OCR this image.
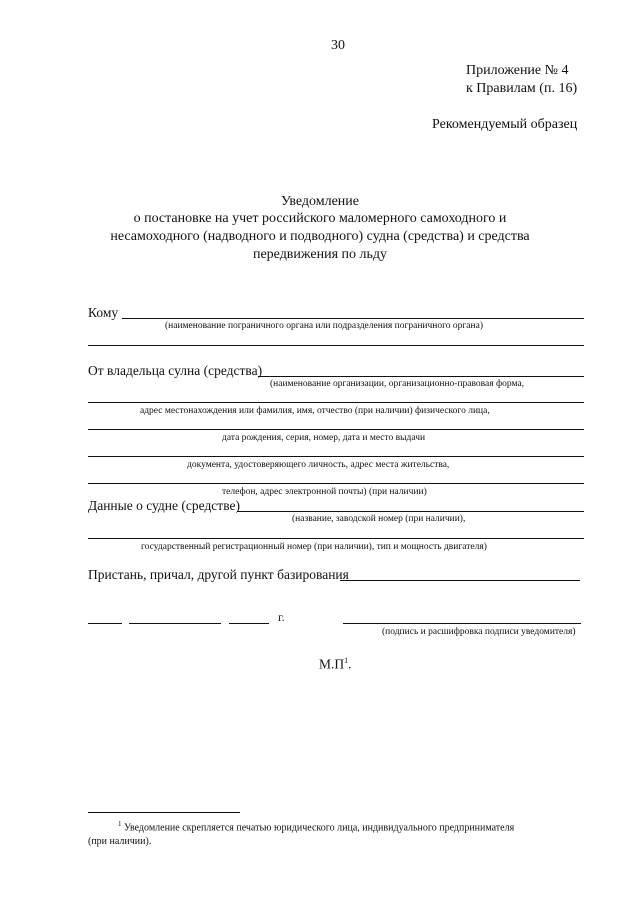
30
Приложение № 4
к Правилам (п. 16)
Рекомендуемый образец
Уведомление
о постановке на учет российского маломерного самоходного и
несамоходного (надводного и подводного) судна (средства) и средства
передвижения по льду
Кому
(наименование пограничного органа или подразделения пограничного органа)
От владельца сулна (средства)
(наименование организации, организационно-правовая форма,
адрес местонахождения или фамилия, имя, отчество (при наличии) физического лица,
дата рождения, серия, номер, дата и место выдачи
документа, удостоверяющего личность, адрес места жительства,
телефон, адрес электронной почты) (при наличии)
Данные о судне (средстве)
(название, заводской номер (при наличии),
государственный регистрационный номер (при наличии), тип и мощность двигателя)
Пристань, причал, другой пункт базирования
г.
(подпись и расшифровка подписи уведомителя)
$М.П^1$.
$^1$ Уведомление скрепляется печатью юридического лица, индивидуального предпринимателя
(при наличии).
